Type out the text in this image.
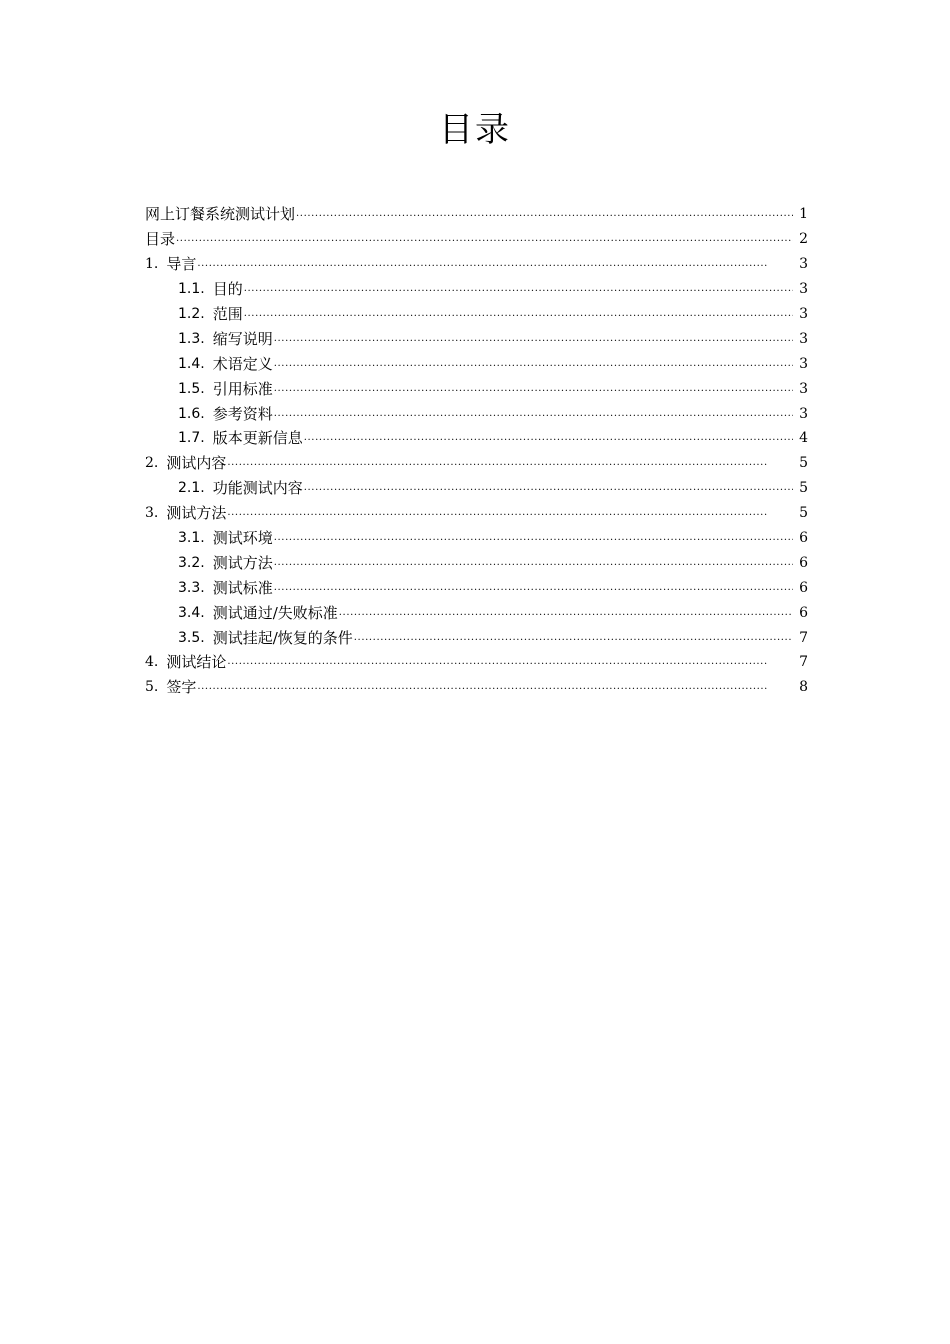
目录
网上订餐系统测试计划 .....	1
目录 .....	2
1. 导言 .....	3
1.1. 目的 .....	3
1.2. 范围 .....	3
1.3. 缩写说明 .....	3
1.4. 术语定义 .....	3
1.5. 引用标准 .....	3
1.6. 参考资料 .....	3
1.7. 版本更新信息 .....	4
2. 测试内容 .....	5
2.1. 功能测试内容 .....	5
3. 测试方法 .....	5
3.1. 测试环境 .....	6
3.2. 测试方法 .....	6
3.3. 测试标准 .....	6
3.4. 测试通过/失败标准 .....	6
3.5. 测试挂起/恢复的条件 .....	7
4. 测试结论 .....	7
5. 签字 .....	8
